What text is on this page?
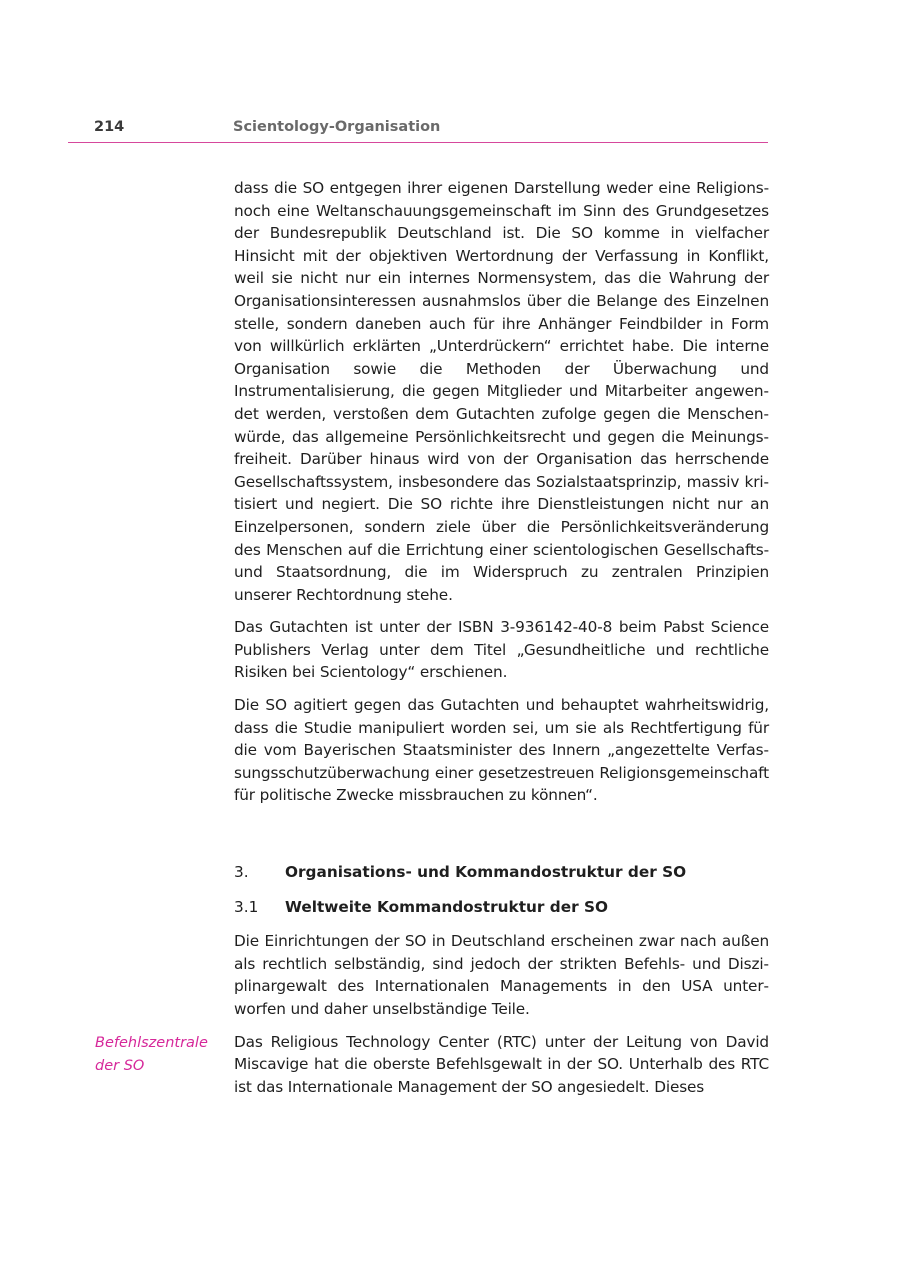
214	Scientology-Organisation

dass die SO entgegen ihrer eigenen Darstellung weder eine Religions- noch eine Weltanschauungsgemeinschaft im Sinn des Grundgesetzes der Bundesrepublik Deutschland ist. Die SO komme in vielfacher Hinsicht mit der objektiven Wertordnung der Verfassung in Konflikt, weil sie nicht nur ein internes Normensystem, das die Wahrung der Organisationsinteressen ausnahmslos über die Belange des Einzelnen stelle, sondern daneben auch für ihre Anhänger Feindbilder in Form von willkürlich erklärten „Unterdrückern“ errichtet habe. Die interne Organisation sowie die Methoden der Überwachung und Instrumentalisierung, die gegen Mitglieder und Mitarbeiter angewendet werden, verstoßen dem Gutachten zufolge gegen die Menschenwürde, das allgemeine Persönlichkeitsrecht und gegen die Meinungsfreiheit. Darüber hinaus wird von der Organisation das herrschende Gesellschaftssystem, insbesondere das Sozialstaatsprinzip, massiv kritisiert und negiert. Die SO richte ihre Dienstleistungen nicht nur an Einzelpersonen, sondern ziele über die Persönlichkeitsveränderung des Menschen auf die Errichtung einer scientologischen Gesellschafts- und Staatsordnung, die im Widerspruch zu zentralen Prinzipien unserer Rechtordnung stehe.

Das Gutachten ist unter der ISBN 3-936142-40-8 beim Pabst Science Publishers Verlag unter dem Titel „Gesundheitliche und rechtliche Risiken bei Scientology“ erschienen.

Die SO agitiert gegen das Gutachten und behauptet wahrheitswidrig, dass die Studie manipuliert worden sei, um sie als Rechtfertigung für die vom Bayerischen Staatsminister des Innern „angezettelte Verfassungsschutzüberwachung einer gesetzestreuen Religionsgemeinschaft für politische Zwecke missbrauchen zu können“.

3.	Organisations- und Kommandostruktur der SO
3.1	Weltweite Kommandostruktur der SO

Die Einrichtungen der SO in Deutschland erscheinen zwar nach außen als rechtlich selbständig, sind jedoch der strikten Befehls- und Disziplinargewalt des Internationalen Managements in den USA unterworfen und daher unselbständige Teile.

Das Religious Technology Center (RTC) unter der Leitung von David Miscavige hat die oberste Befehlsgewalt in der SO. Unterhalb des RTC ist das Internationale Management der SO angesiedelt. Dieses

Befehlszentrale
der SO
